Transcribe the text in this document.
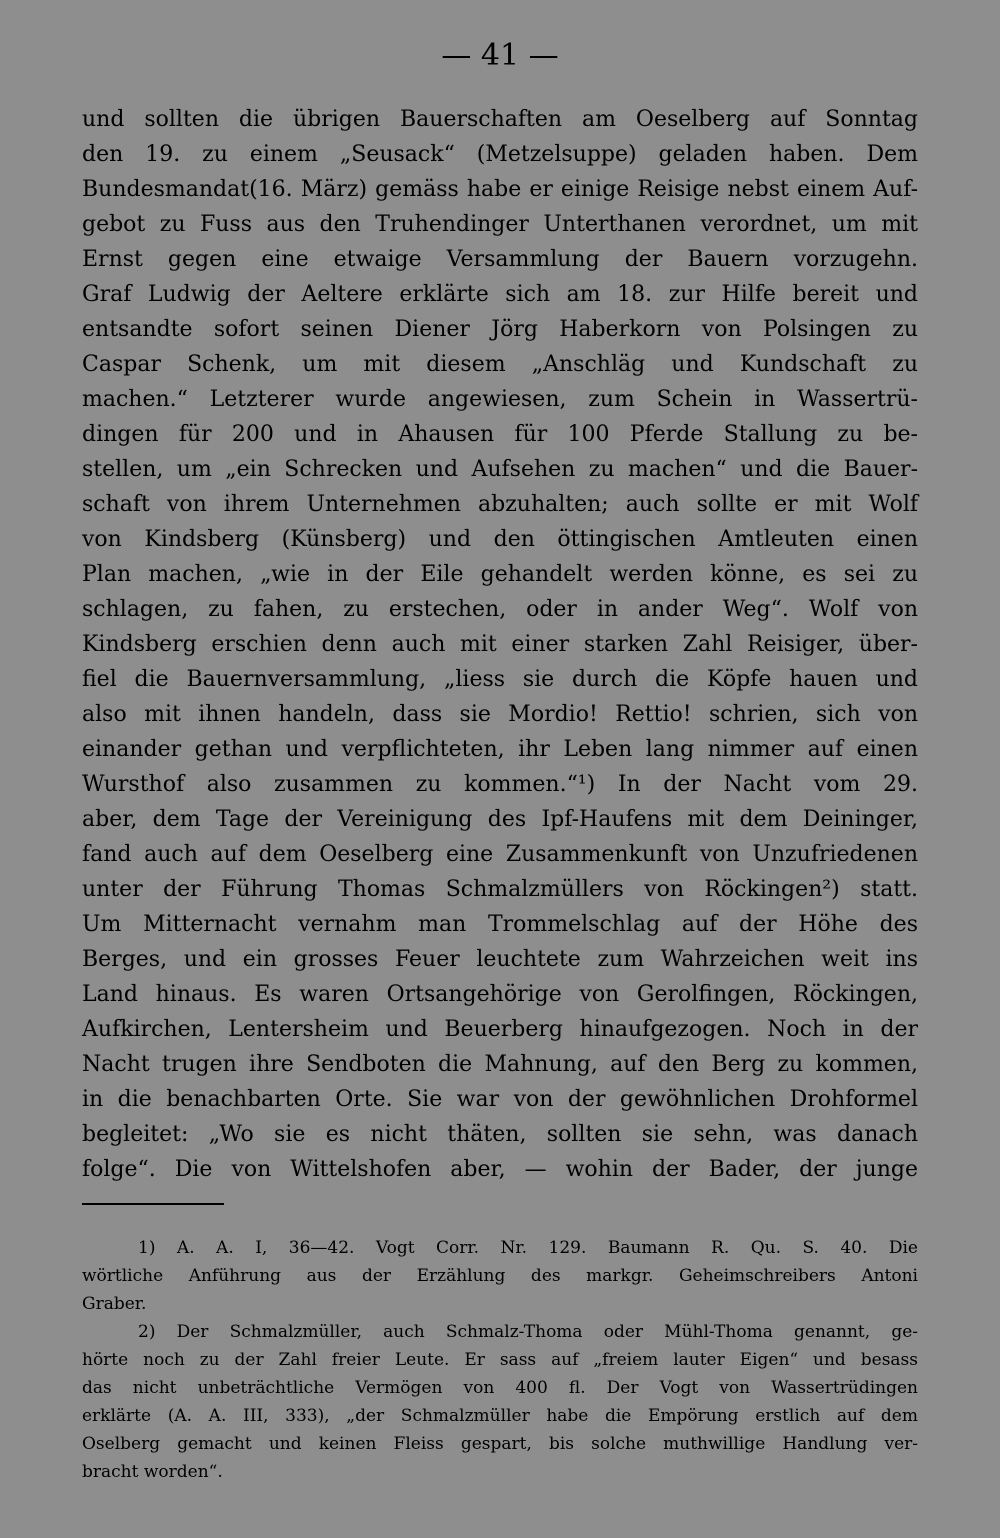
— 41 —
und sollten die übrigen Bauerschaften am Oeselberg auf Sonntag
den 19. zu einem „Seusack“ (Metzelsuppe) geladen haben. Dem
Bundesmandat(16. März) gemäss habe er einige Reisige nebst einem Auf-
gebot zu Fuss aus den Truhendinger Unterthanen verordnet, um mit
Ernst gegen eine etwaige Versammlung der Bauern vorzugehn.
Graf Ludwig der Aeltere erklärte sich am 18. zur Hilfe bereit und
entsandte sofort seinen Diener Jörg Haberkorn von Polsingen zu
Caspar Schenk, um mit diesem „Anschläg und Kundschaft zu
machen.“ Letzterer wurde angewiesen, zum Schein in Wassertrü-
dingen für 200 und in Ahausen für 100 Pferde Stallung zu be-
stellen, um „ein Schrecken und Aufsehen zu machen“ und die Bauer-
schaft von ihrem Unternehmen abzuhalten; auch sollte er mit Wolf
von Kindsberg (Künsberg) und den öttingischen Amtleuten einen
Plan machen, „wie in der Eile gehandelt werden könne, es sei zu
schlagen, zu fahen, zu erstechen, oder in ander Weg“. Wolf von
Kindsberg erschien denn auch mit einer starken Zahl Reisiger, über-
fiel die Bauernversammlung, „liess sie durch die Köpfe hauen und
also mit ihnen handeln, dass sie Mordio! Rettio! schrien, sich von
einander gethan und verpflichteten, ihr Leben lang nimmer auf einen
Wursthof also zusammen zu kommen.“¹) In der Nacht vom 29.
aber, dem Tage der Vereinigung des Ipf-Haufens mit dem Deininger,
fand auch auf dem Oeselberg eine Zusammenkunft von Unzufriedenen
unter der Führung Thomas Schmalzmüllers von Röckingen²) statt.
Um Mitternacht vernahm man Trommelschlag auf der Höhe des
Berges, und ein grosses Feuer leuchtete zum Wahrzeichen weit ins
Land hinaus. Es waren Ortsangehörige von Gerolfingen, Röckingen,
Aufkirchen, Lentersheim und Beuerberg hinaufgezogen. Noch in der
Nacht trugen ihre Sendboten die Mahnung, auf den Berg zu kommen,
in die benachbarten Orte. Sie war von der gewöhnlichen Drohformel
begleitet: „Wo sie es nicht thäten, sollten sie sehn, was danach
folge“. Die von Wittelshofen aber, — wohin der Bader, der junge
1) A. A. I, 36—42. Vogt Corr. Nr. 129. Baumann R. Qu. S. 40. Die
wörtliche Anführung aus der Erzählung des markgr. Geheimschreibers Antoni
Graber.
2) Der Schmalzmüller, auch Schmalz-Thoma oder Mühl-Thoma genannt, ge-
hörte noch zu der Zahl freier Leute. Er sass auf „freiem lauter Eigen“ und besass
das nicht unbeträchtliche Vermögen von 400 fl. Der Vogt von Wassertrüdingen
erklärte (A. A. III, 333), „der Schmalzmüller habe die Empörung erstlich auf dem
Oselberg gemacht und keinen Fleiss gespart, bis solche muthwillige Handlung ver-
bracht worden“.
